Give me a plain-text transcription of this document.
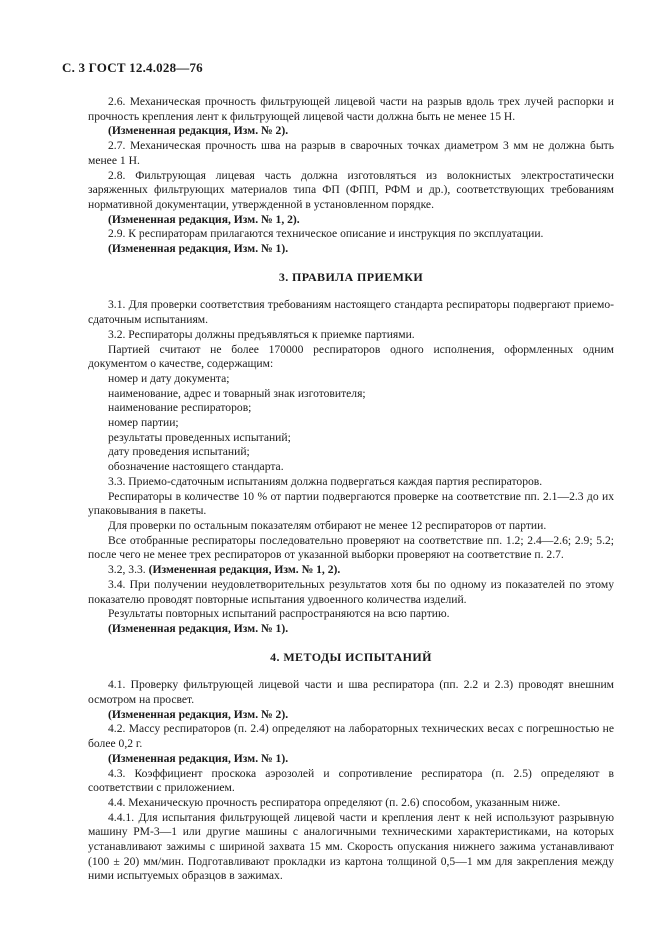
С. 3 ГОСТ 12.4.028—76

2.6. Механическая прочность фильтрующей лицевой части на разрыв вдоль трех лучей распорки и прочность крепления лент к фильтрующей лицевой части должна быть не менее 15 Н.

(Измененная редакция, Изм. № 2).

2.7. Механическая прочность шва на разрыв в сварочных точках диаметром 3 мм не должна быть менее 1 Н.

2.8. Фильтрующая лицевая часть должна изготовляться из волокнистых электростатически заряженных фильтрующих материалов типа ФП (ФПП, РФМ и др.), соответствующих требованиям нормативной документации, утвержденной в установленном порядке.

(Измененная редакция, Изм. № 1, 2).

2.9. К респираторам прилагаются техническое описание и инструкция по эксплуатации.

(Измененная редакция, Изм. № 1).

3. ПРАВИЛА ПРИЕМКИ

3.1. Для проверки соответствия требованиям настоящего стандарта респираторы подвергают приемо-сдаточным испытаниям.

3.2. Респираторы должны предъявляться к приемке партиями.

Партией считают не более 170000 респираторов одного исполнения, оформленных одним документом о качестве, содержащим:

номер и дату документа;

наименование, адрес и товарный знак изготовителя;

наименование респираторов;

номер партии;

результаты проведенных испытаний;

дату проведения испытаний;

обозначение настоящего стандарта.

3.3. Приемо-сдаточным испытаниям должна подвергаться каждая партия респираторов.

Респираторы в количестве 10 % от партии подвергаются проверке на соответствие пп. 2.1—2.3 до их упаковывания в пакеты.

Для проверки по остальным показателям отбирают не менее 12 респираторов от партии.

Все отобранные респираторы последовательно проверяют на соответствие пп. 1.2; 2.4—2.6; 2.9; 5.2; после чего не менее трех респираторов от указанной выборки проверяют на соответствие п. 2.7.

3.2, 3.3. (Измененная редакция, Изм. № 1, 2).

3.4. При получении неудовлетворительных результатов хотя бы по одному из показателей по этому показателю проводят повторные испытания удвоенного количества изделий.

Результаты повторных испытаний распространяются на всю партию.

(Измененная редакция, Изм. № 1).

4. МЕТОДЫ ИСПЫТАНИЙ

4.1. Проверку фильтрующей лицевой части и шва респиратора (пп. 2.2 и 2.3) проводят внешним осмотром на просвет.

(Измененная редакция, Изм. № 2).

4.2. Массу респираторов (п. 2.4) определяют на лабораторных технических весах с погрешностью не более 0,2 г.

(Измененная редакция, Изм. № 1).

4.3. Коэффициент проскока аэрозолей и сопротивление респиратора (п. 2.5) определяют в соответствии с приложением.

4.4. Механическую прочность респиратора определяют (п. 2.6) способом, указанным ниже.

4.4.1. Для испытания фильтрующей лицевой части и крепления лент к ней используют разрывную машину РМ-3—1 или другие машины с аналогичными техническими характеристиками, на которых устанавливают зажимы с шириной захвата 15 мм. Скорость опускания нижнего зажима устанавливают (100 ± 20) мм/мин. Подготавливают прокладки из картона толщиной 0,5—1 мм для закрепления между ними испытуемых образцов в зажимах.
